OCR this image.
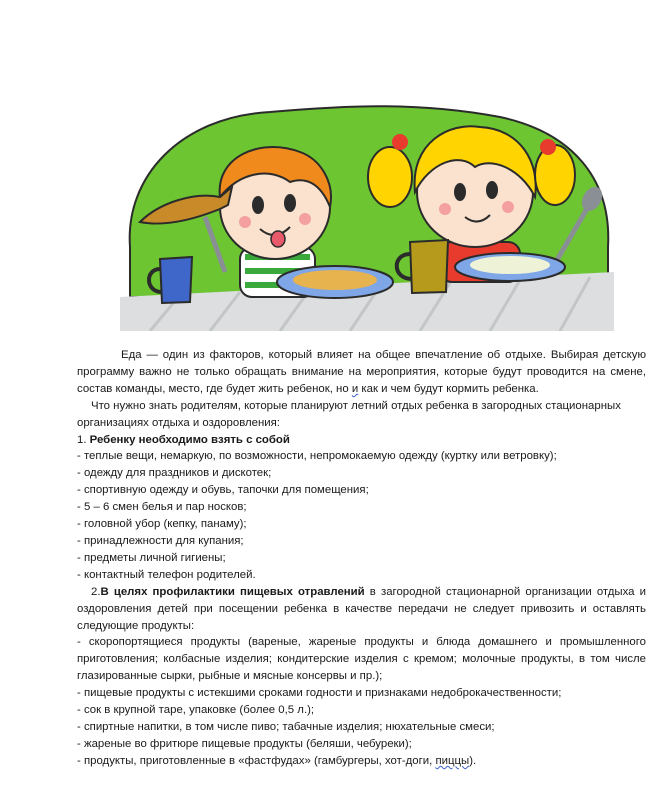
Еда — один из факторов, который влияет на общее впечатление об отдыхе. Выбирая детскую программу важно не только обращать внимание на мероприятия, которые будут проводится на смене, состав команды, место, где будет жить ребенок, но и как и чем будут кормить ребенка.

Что нужно знать родителям, которые планируют летний отдых ребенка в загородных стационарных организациях отдыха и оздоровления:

1. Ребенку необходимо взять с собой

- теплые вещи, немаркую, по возможности, непромокаемую одежду (куртку или ветровку);

- одежду для праздников и дискотек;

- спортивную одежду и обувь, тапочки для помещения;

- 5 – 6 смен белья и пар носков;

- головной убор (кепку, панаму);

- принадлежности для купания;

- предметы личной гигиены;

- контактный телефон родителей.

2.В целях профилактики пищевых отравлений в загородной стационарной организации отдыха и оздоровления детей при посещении ребенка в качестве передачи не следует привозить и оставлять следующие продукты:

- скоропортящиеся продукты (вареные, жареные продукты и блюда домашнего и промышленного приготовления; колбасные изделия; кондитерские изделия с кремом; молочные продукты, в том числе глазированные сырки, рыбные и мясные консервы и пр.);

- пищевые продукты с истекшими сроками годности и признаками недоброкачественности;

- сок в крупной таре, упаковке (более 0,5 л.);

- спиртные напитки, в том числе пиво; табачные изделия; нюхательные смеси;

- жареные во фритюре пищевые продукты (беляши, чебуреки);

- продукты, приготовленные в «фастфудах» (гамбургеры, хот-доги, пиццы).
